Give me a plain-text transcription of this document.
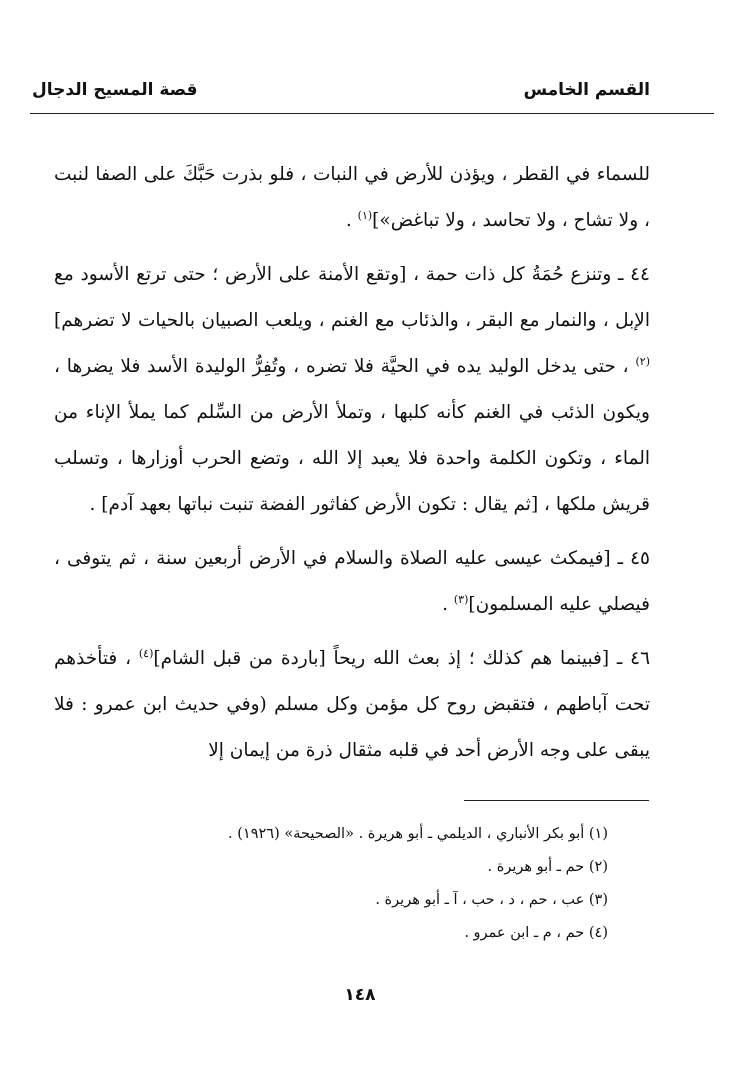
القسم الخامس
قصة المسيح الدجال

للسماء في القطر ، ويؤذن للأرض في النبات ، فلو بذرت حَبَّكَ على الصفا لنبت ، ولا تشاح ، ولا تحاسد ، ولا تباغض»]$^{(١)}$ .

٤٤ ـ وتنزع حُمَةُ كل ذات حمة ، [وتقع الأمنة على الأرض ؛ حتى ترتع الأسود مع الإبل ، والنمار مع البقر ، والذئاب مع الغنم ، ويلعب الصبيان بالحيات لا تضرهم]$^{(٢)}$ ، حتى يدخل الوليد يده في الحيَّة فلا تضره ، وتُفِرُّ الوليدة الأسد فلا يضرها ، ويكون الذئب في الغنم كأنه كلبها ، وتملأ الأرض من السِّلم كما يملأ الإناء من الماء ، وتكون الكلمة واحدة فلا يعبد إلا الله ، وتضع الحرب أوزارها ، وتسلب قريش ملكها ، [ثم يقال : تكون الأرض كفاثور الفضة تنبت نباتها بعهد آدم] .

٤٥ ـ [فيمكث عيسى عليه الصلاة والسلام في الأرض أربعين سنة ، ثم يتوفى ، فيصلي عليه المسلمون]$^{(٣)}$ .

٤٦ ـ [فبينما هم كذلك ؛ إذ بعث الله ريحاً [باردة من قبل الشام]$^{(٤)}$ ، فتأخذهم تحت آباطهم ، فتقبض روح كل مؤمن وكل مسلم (وفي حديث ابن عمرو : فلا يبقى على وجه الأرض أحد في قلبه مثقال ذرة من إيمان إلا

(١) أبو بكر الأنباري ، الديلمي ـ أبو هريرة . «الصحيحة» (١٩٢٦) .
(٢) حم ـ أبو هريرة .
(٣) عب ، حم ، د ، حب ، آ ـ أبو هريرة .
(٤) حم ، م ـ ابن عمرو .
١٤٨
